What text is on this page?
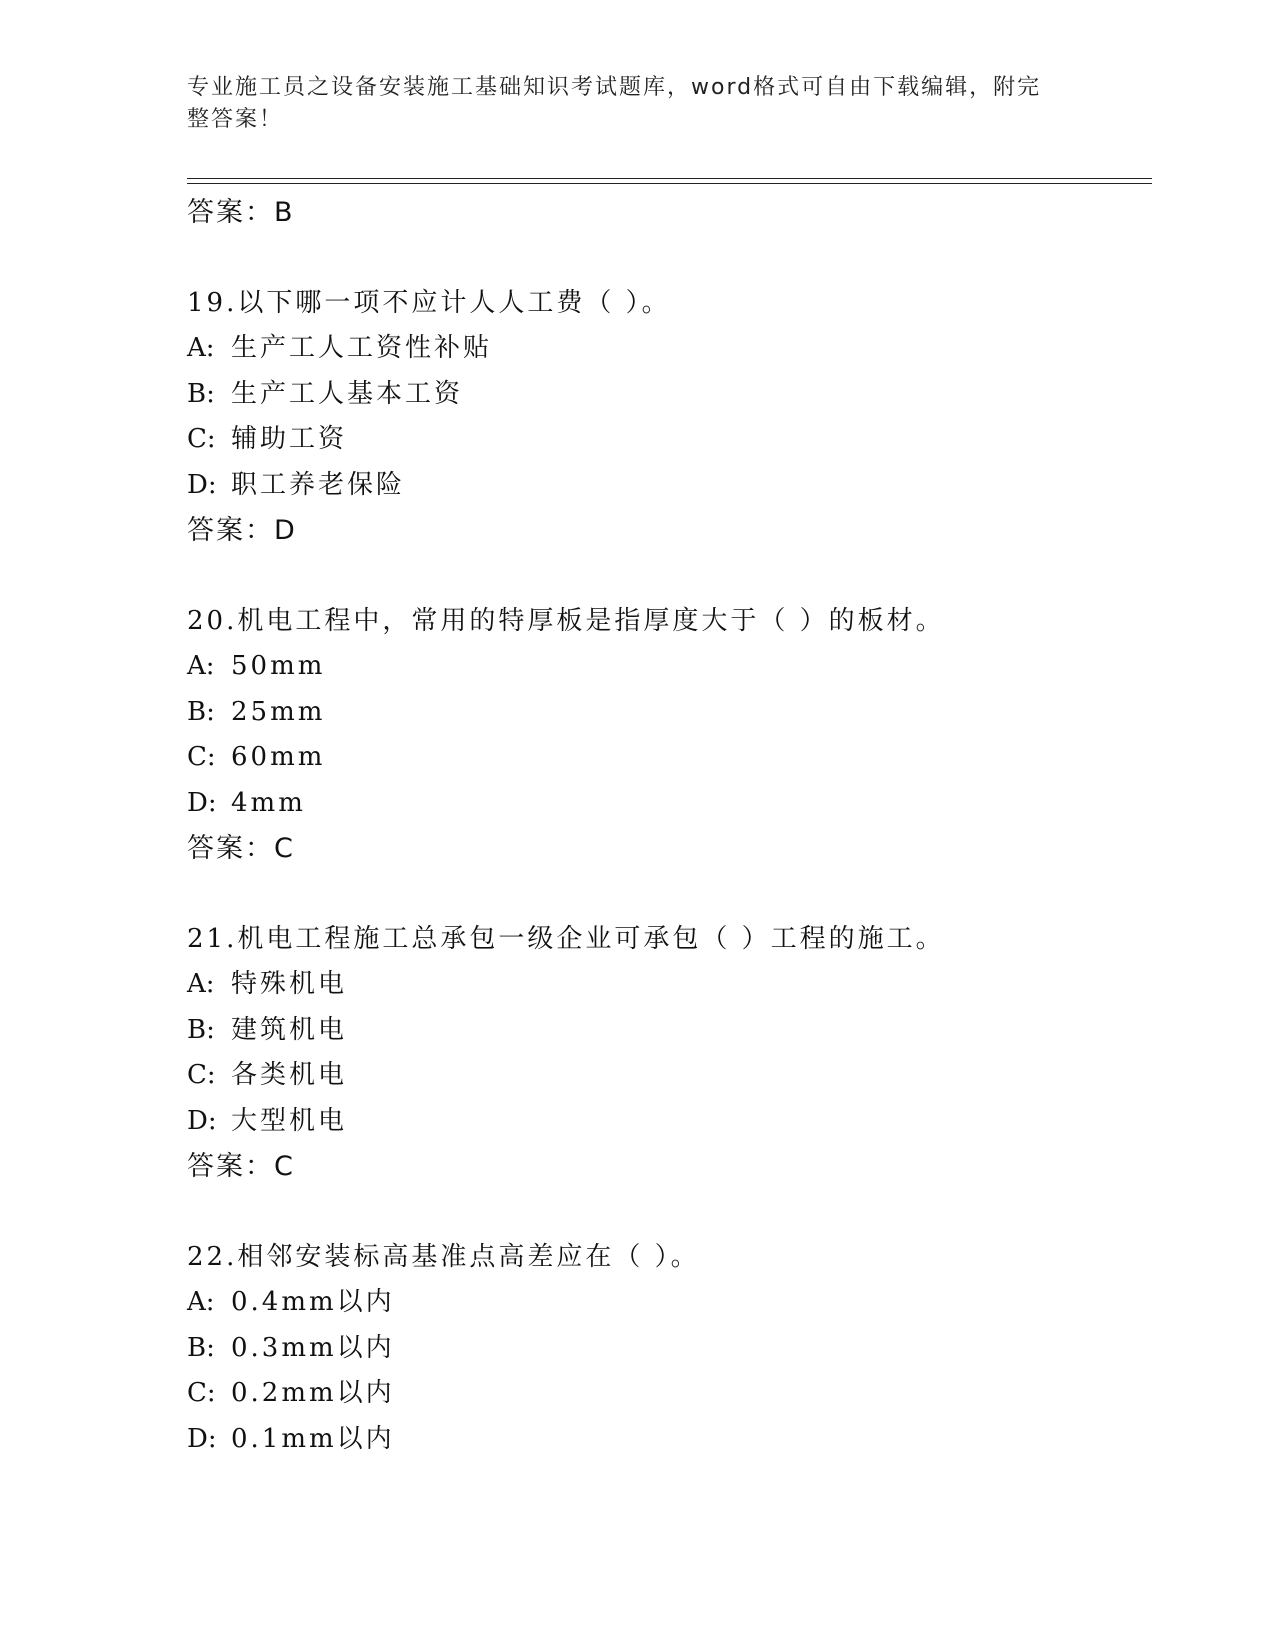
专业施工员之设备安装施工基础知识考试题库，word格式可自由下载编辑，附完
整答案！
答案：B
19.以下哪一项不应计人人工费（ ）。
A: 生产工人工资性补贴
B: 生产工人基本工资
C: 辅助工资
D: 职工养老保险
答案：D
20.机电工程中，常用的特厚板是指厚度大于（ ）的板材。
A: 50mm
B: 25mm
C: 60mm
D: 4mm
答案：C
21.机电工程施工总承包一级企业可承包（ ）工程的施工。
A: 特殊机电
B: 建筑机电
C: 各类机电
D: 大型机电
答案：C
22.相邻安装标高基准点高差应在（ ）。
A: 0.4mm以内
B: 0.3mm以内
C: 0.2mm以内
D: 0.1mm以内
